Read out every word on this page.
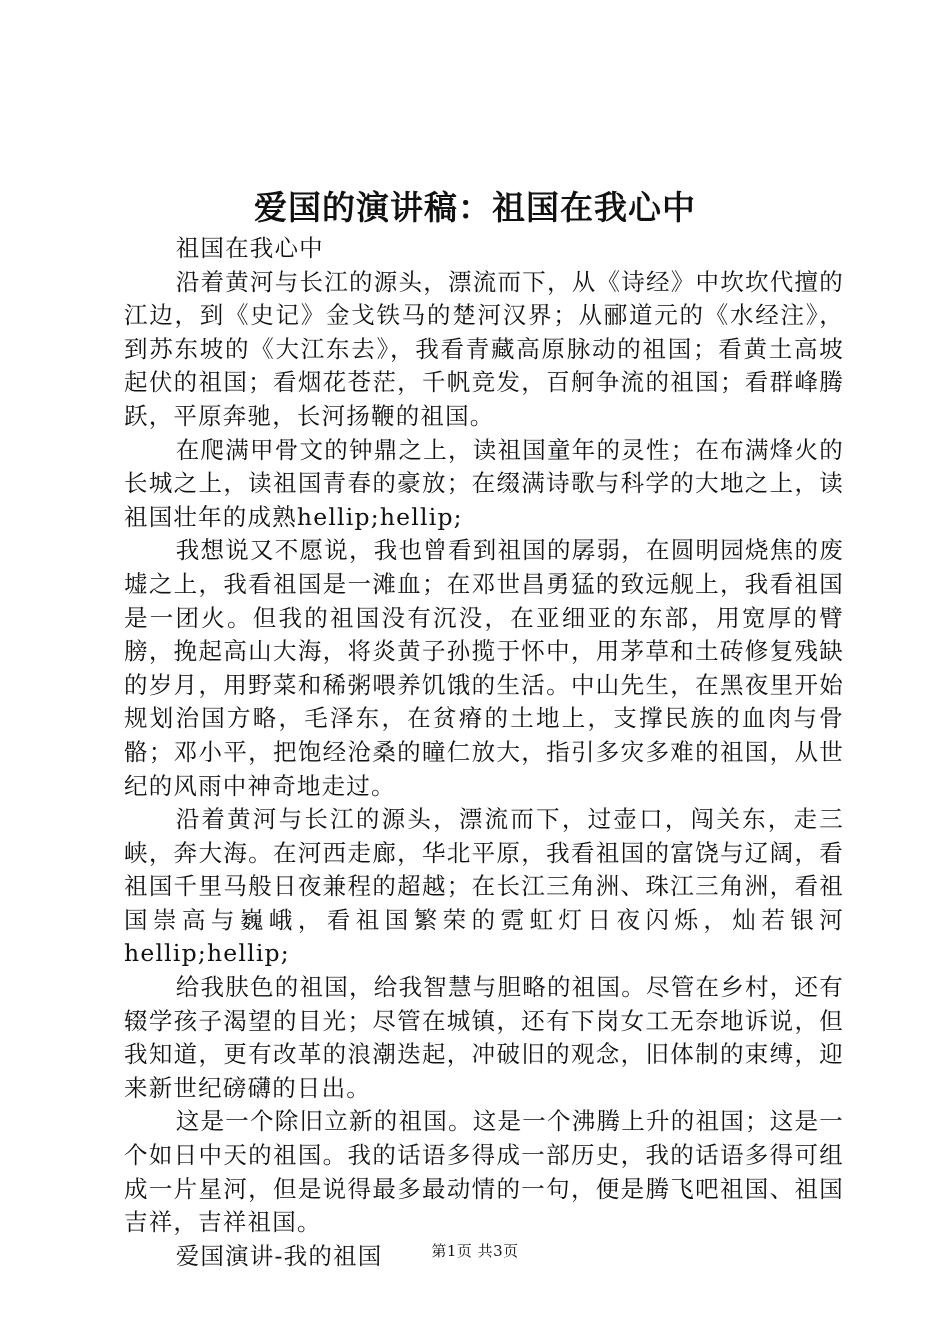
爱国的演讲稿：祖国在我心中

祖国在我心中

沿着黄河与长江的源头，漂流而下，从《诗经》中坎坎代擅的江边，到《史记》金戈铁马的楚河汉界；从郦道元的《水经注》，到苏东坡的《大江东去》，我看青藏高原脉动的祖国；看黄土高坡起伏的祖国；看烟花苍茫，千帆竞发，百舸争流的祖国；看群峰腾跃，平原奔驰，长河扬鞭的祖国。

在爬满甲骨文的钟鼎之上，读祖国童年的灵性；在布满烽火的长城之上，读祖国青春的豪放；在缀满诗歌与科学的大地之上，读祖国壮年的成熟hellip;hellip;

我想说又不愿说，我也曾看到祖国的孱弱，在圆明园烧焦的废墟之上，我看祖国是一滩血；在邓世昌勇猛的致远舰上，我看祖国是一团火。但我的祖国没有沉没，在亚细亚的东部，用宽厚的臂膀，挽起高山大海，将炎黄子孙揽于怀中，用茅草和土砖修复残缺的岁月，用野菜和稀粥喂养饥饿的生活。中山先生，在黑夜里开始规划治国方略，毛泽东，在贫瘠的土地上，支撑民族的血肉与骨骼；邓小平，把饱经沧桑的瞳仁放大，指引多灾多难的祖国，从世纪的风雨中神奇地走过。

沿着黄河与长江的源头，漂流而下，过壶口，闯关东，走三峡，奔大海。在河西走廊，华北平原，我看祖国的富饶与辽阔，看祖国千里马般日夜兼程的超越；在长江三角洲、珠江三角洲，看祖国崇高与巍峨，看祖国繁荣的霓虹灯日夜闪烁，灿若银河hellip;hellip;

给我肤色的祖国，给我智慧与胆略的祖国。尽管在乡村，还有辍学孩子渴望的目光；尽管在城镇，还有下岗女工无奈地诉说，但我知道，更有改革的浪潮迭起，冲破旧的观念，旧体制的束缚，迎来新世纪磅礴的日出。

这是一个除旧立新的祖国。这是一个沸腾上升的祖国；这是一个如日中天的祖国。我的话语多得成一部历史，我的话语多得可组成一片星河，但是说得最多最动情的一句，便是腾飞吧祖国、祖国吉祥，吉祥祖国。

爱国演讲-我的祖国	第1页 共3页
